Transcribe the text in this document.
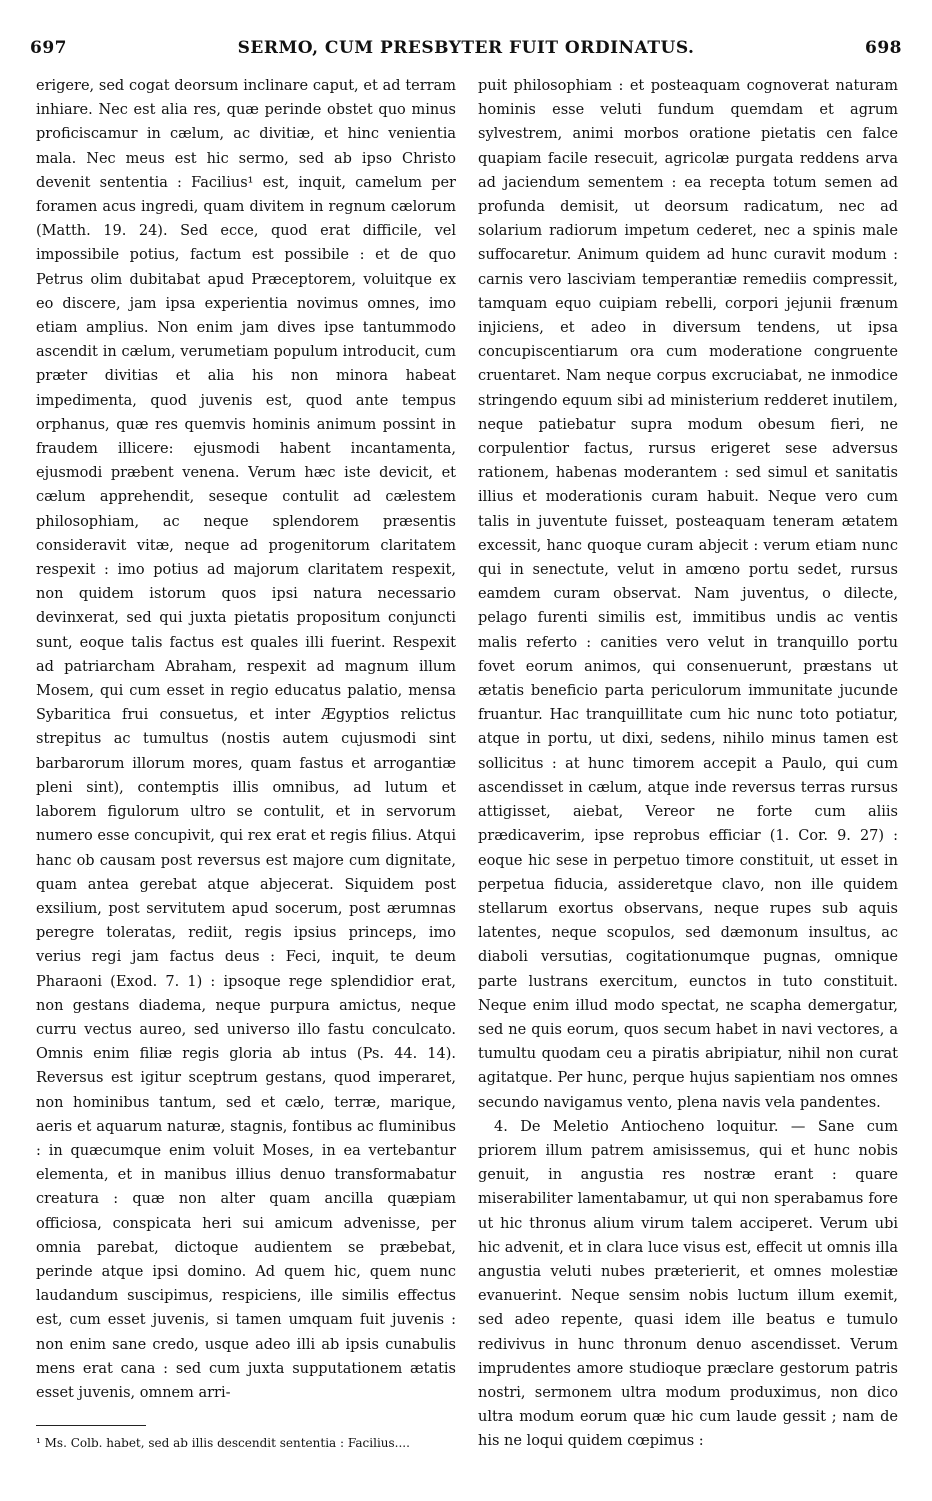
697	SERMO, CUM PRESBYTER FUIT ORDINATUS.	698

erigere, sed cogat deorsum inclinare caput, et ad terram inhiare. Nec est alia res, quæ perinde obstet quo minus proficiscamur in cælum, ac divitiæ, et hinc venientia mala. Nec meus est hic sermo, sed ab ipso Christo devenit sententia : Facilius¹ est, inquit, camelum per foramen acus ingredi, quam divitem in regnum cælorum (Matth. 19. 24). Sed ecce, quod erat difficile, vel impossibile potius, factum est possibile : et de quo Petrus olim dubitabat apud Præceptorem, voluitque ex eo discere, jam ipsa experientia novimus omnes, imo etiam amplius. Non enim jam dives ipse tantummodo ascendit in cælum, verumetiam populum introducit, cum præter divitias et alia his non minora habeat impedimenta, quod juvenis est, quod ante tempus orphanus, quæ res quemvis hominis animum possint in fraudem illicere: ejusmodi habent incantamenta, ejusmodi præbent venena. Verum hæc iste devicit, et cælum apprehendit, seseque contulit ad cælestem philosophiam, ac neque splendorem præsentis consideravit vitæ, neque ad progenitorum claritatem respexit : imo potius ad majorum claritatem respexit, non quidem istorum quos ipsi natura necessario devinxerat, sed qui juxta pietatis propositum conjuncti sunt, eoque talis factus est quales illi fuerint. Respexit ad patriarcham Abraham, respexit ad magnum illum Mosem, qui cum esset in regio educatus palatio, mensa Sybaritica frui consuetus, et inter Ægyptios relictus strepitus ac tumultus (nostis autem cujusmodi sint barbarorum illorum mores, quam fastus et arrogantiæ pleni sint), contemptis illis omnibus, ad lutum et laborem figulorum ultro se contulit, et in servorum numero esse concupivit, qui rex erat et regis filius. Atqui hanc ob causam post reversus est majore cum dignitate, quam antea gerebat atque abjecerat. Siquidem post exsilium, post servitutem apud socerum, post ærumnas peregre toleratas, rediit, regis ipsius princeps, imo verius regi jam factus deus : Feci, inquit, te deum Pharaoni (Exod. 7. 1) : ipsoque rege splendidior erat, non gestans diadema, neque purpura amictus, neque curru vectus aureo, sed universo illo fastu conculcato. Omnis enim filiæ regis gloria ab intus (Ps. 44. 14). Reversus est igitur sceptrum gestans, quod imperaret, non hominibus tantum, sed et cælo, terræ, marique, aeris et aquarum naturæ, stagnis, fontibus ac fluminibus : in quæcumque enim voluit Moses, in ea vertebantur elementa, et in manibus illius denuo transformabatur creatura : quæ non alter quam ancilla quæpiam officiosa, conspicata heri sui amicum advenisse, per omnia parebat, dictoque audientem se præbebat, perinde atque ipsi domino. Ad quem hic, quem nunc laudandum suscipimus, respiciens, ille similis effectus est, cum esset juvenis, si tamen umquam fuit juvenis : non enim sane credo, usque adeo illi ab ipsis cunabulis mens erat cana : sed cum juxta supputationem ætatis esset juvenis, omnem arri-

puit philosophiam : et posteaquam cognoverat naturam hominis esse veluti fundum quemdam et agrum sylvestrem, animi morbos oratione pietatis cen falce quapiam facile resecuit, agricolæ purgata reddens arva ad jaciendum sementem : ea recepta totum semen ad profunda demisit, ut deorsum radicatum, nec ad solarium radiorum impetum cederet, nec a spinis male suffocaretur. Animum quidem ad hunc curavit modum : carnis vero lasciviam temperantiæ remediis compressit, tamquam equo cuipiam rebelli, corpori jejunii frænum injiciens, et adeo in diversum tendens, ut ipsa concupiscentiarum ora cum moderatione congruente cruentaret. Nam neque corpus excruciabat, ne inmodice stringendo equum sibi ad ministerium redderet inutilem, neque patiebatur supra modum obesum fieri, ne corpulentior factus, rursus erigeret sese adversus rationem, habenas moderantem : sed simul et sanitatis illius et moderationis curam habuit. Neque vero cum talis in juventute fuisset, posteaquam teneram ætatem excessit, hanc quoque curam abjecit : verum etiam nunc qui in senectute, velut in amœno portu sedet, rursus eamdem curam observat. Nam juventus, o dilecte, pelago furenti similis est, immitibus undis ac ventis malis referto : canities vero velut in tranquillo portu fovet eorum animos, qui consenuerunt, præstans ut ætatis beneficio parta periculorum immunitate jucunde fruantur. Hac tranquillitate cum hic nunc toto potiatur, atque in portu, ut dixi, sedens, nihilo minus tamen est sollicitus : at hunc timorem accepit a Paulo, qui cum ascendisset in cælum, atque inde reversus terras rursus attigisset, aiebat, Vereor ne forte cum aliis prædicaverim, ipse reprobus efficiar (1. Cor. 9. 27) : eoque hic sese in perpetuo timore constituit, ut esset in perpetua fiducia, assideretque clavo, non ille quidem stellarum exortus observans, neque rupes sub aquis latentes, neque scopulos, sed dæmonum insultus, ac diaboli versutias, cogitationumque pugnas, omnique parte lustrans exercitum, eunctos in tuto constituit. Neque enim illud modo spectat, ne scapha demergatur, sed ne quis eorum, quos secum habet in navi vectores, a tumultu quodam ceu a piratis abripiatur, nihil non curat agitatque. Per hunc, perque hujus sapientiam nos omnes secundo navigamus vento, plena navis vela pandentes.

4. De Meletio Antiocheno loquitur. — Sane cum priorem illum patrem amisissemus, qui et hunc nobis genuit, in angustia res nostræ erant : quare miserabiliter lamentabamur, ut qui non sperabamus fore ut hic thronus alium virum talem acciperet. Verum ubi hic advenit, et in clara luce visus est, effecit ut omnis illa angustia veluti nubes præterierit, et omnes molestiæ evanuerint. Neque sensim nobis luctum illum exemit, sed adeo repente, quasi idem ille beatus e tumulo redivivus in hunc thronum denuo ascendisset. Verum imprudentes amore studioque præclare gestorum patris nostri, sermonem ultra modum produximus, non dico ultra modum eorum quæ hic cum laude gessit ; nam de his ne loqui quidem cœpimus :

¹ Ms. Colb. habet, sed ab illis descendit sententia : Facilius....
